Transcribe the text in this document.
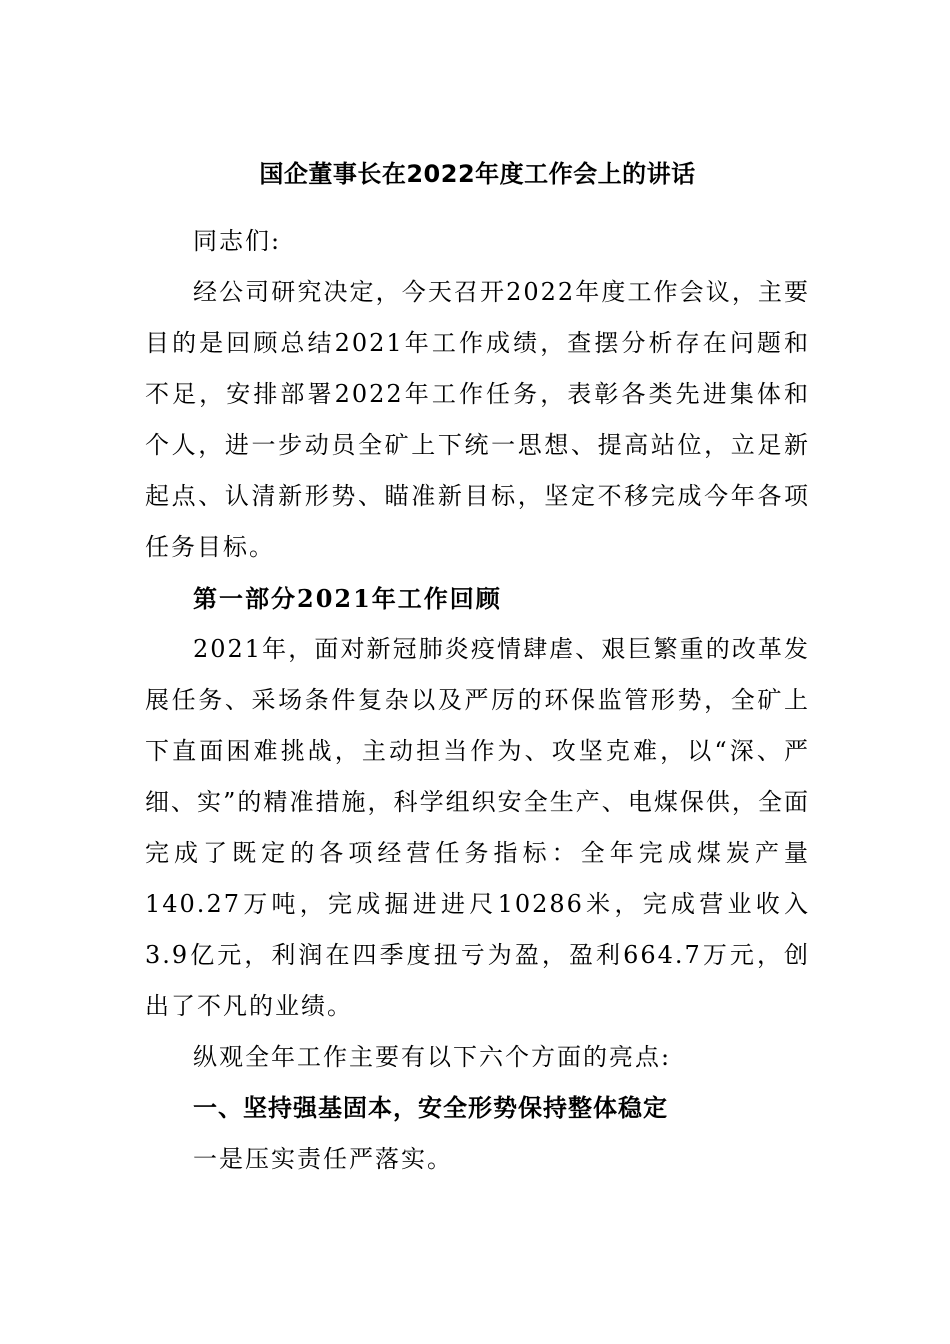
国企董事长在2022年度工作会上的讲话

同志们:

经公司研究决定，今天召开2022年度工作会议，主要目的是回顾总结2021年工作成绩，查摆分析存在问题和不足，安排部署2022年工作任务，表彰各类先进集体和个人，进一步动员全矿上下统一思想、提高站位，立足新起点、认清新形势、瞄准新目标，坚定不移完成今年各项任务目标。

第一部分2021年工作回顾

2021年，面对新冠肺炎疫情肆虐、艰巨繁重的改革发展任务、采场条件复杂以及严厉的环保监管形势，全矿上下直面困难挑战，主动担当作为、攻坚克难，以“深、严细、实”的精准措施，科学组织安全生产、电煤保供，全面完成了既定的各项经营任务指标：全年完成煤炭产量140.27万吨，完成掘进进尺10286米，完成营业收入3.9亿元，利润在四季度扭亏为盈，盈利664.7万元，创出了不凡的业绩。

纵观全年工作主要有以下六个方面的亮点:

一、坚持强基固本，安全形势保持整体稳定

一是压实责任严落实。
